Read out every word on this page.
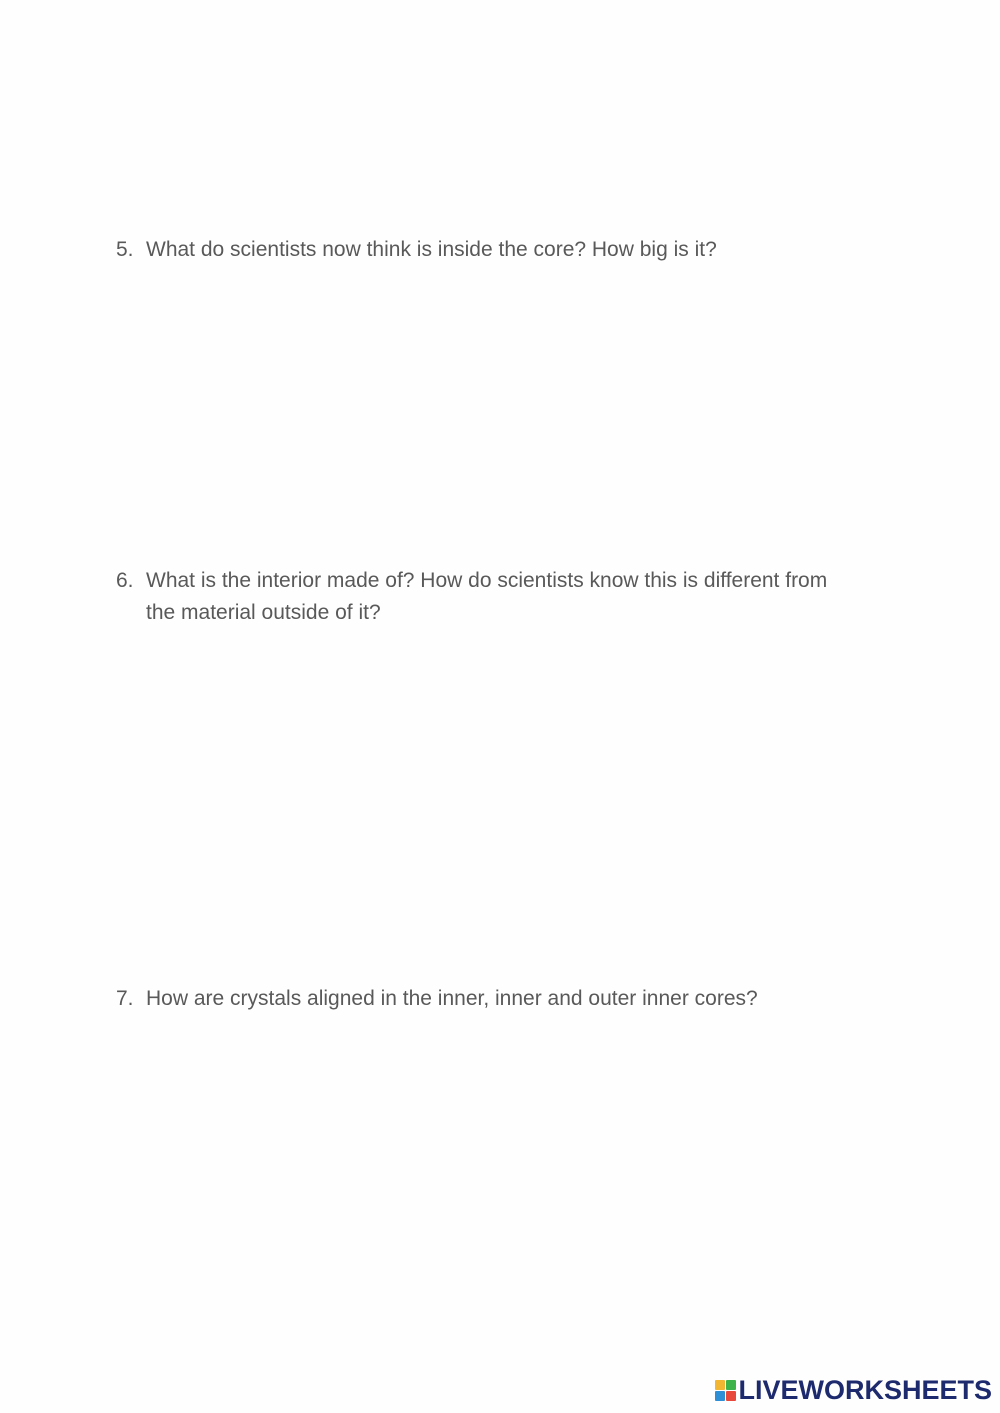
5. What do scientists now think is inside the core? How big is it?
6. What is the interior made of? How do scientists know this is different from the material outside of it?
7. How are crystals aligned in the inner, inner and outer inner cores?
LIVEWORKSHEETS
